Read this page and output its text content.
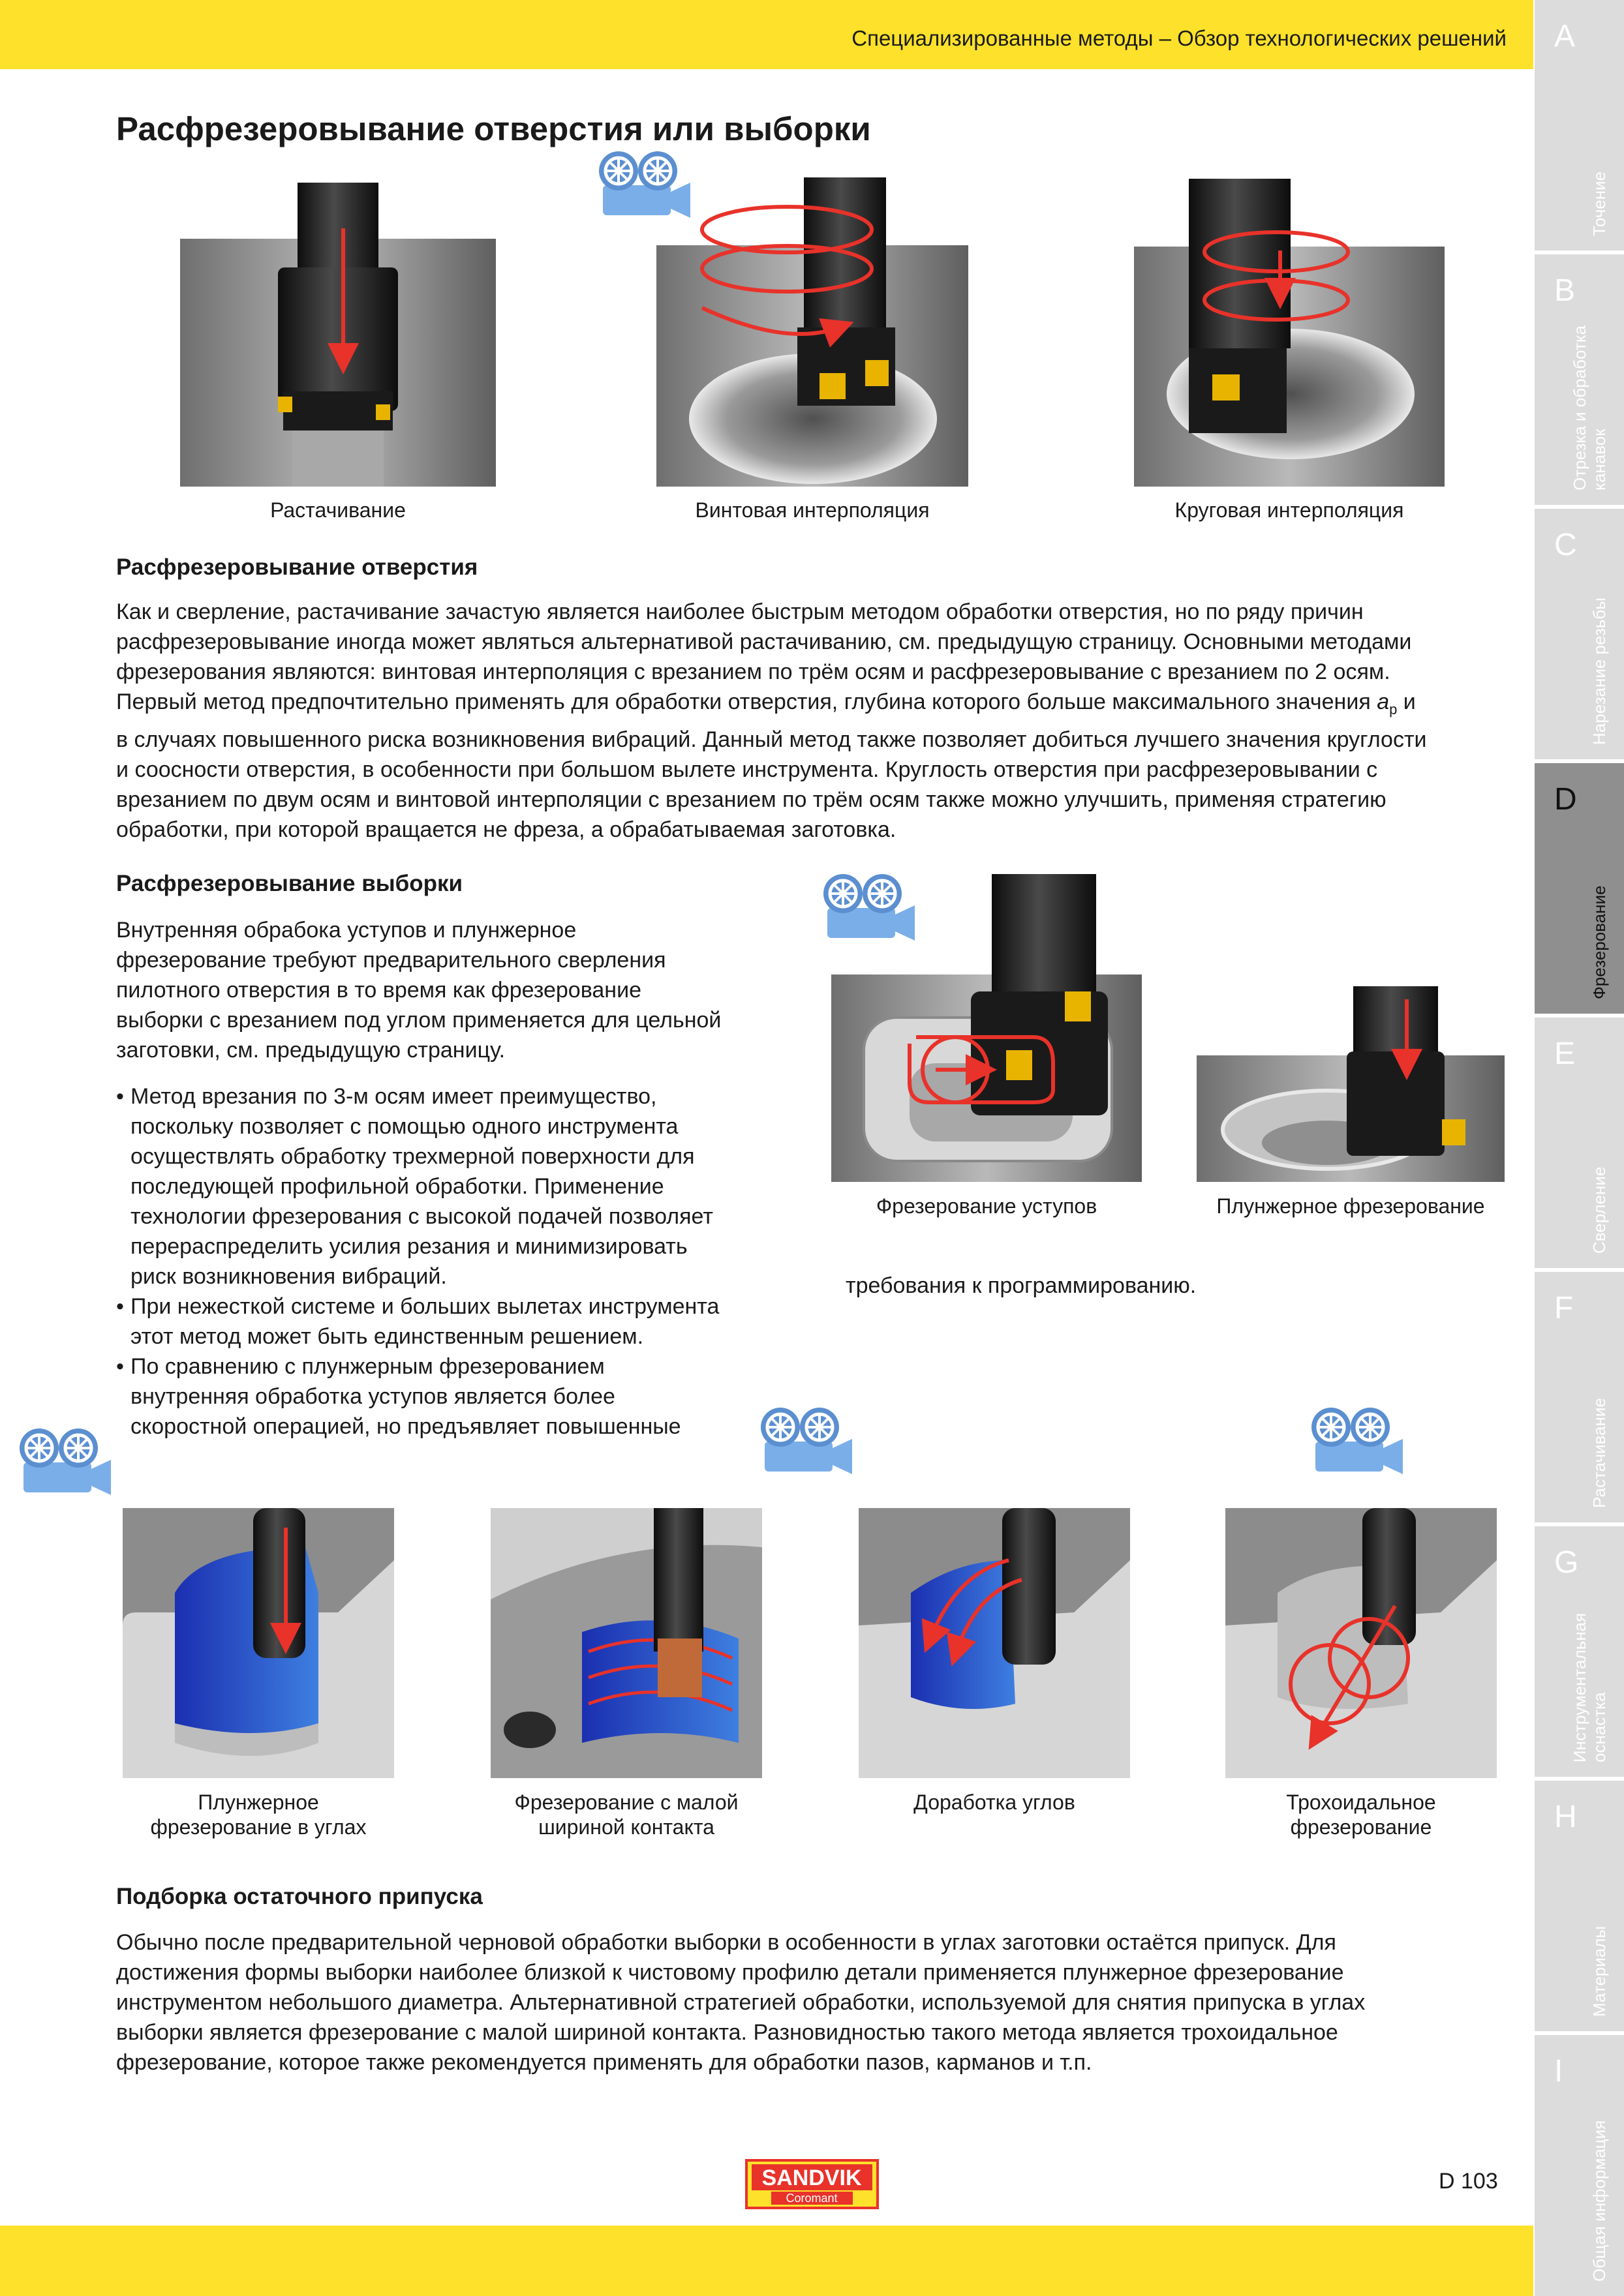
Специализированные методы – Обзор технологических решений A
Точение
B
Отрезка и обработка канавок
C
Нарезание резьбы
D
Фрезерование
E
Сверление
F
Растачивание
G
Инструментальная оснастка
H
Материалы
I
Общая информация
Расфрезеровывание отверстия или выборки
Растачивание	Винтовая интерполяция	Круговая интерполяция
Расфрезеровывание отверстия
Как и сверление, растачивание зачастую является наиболее быстрым методом обработки отверстия, но по ряду причин
расфрезеровывание иногда может являться альтернативой растачиванию, см. предыдущую страницу. Основными методами
фрезерования являются: винтовая интерполяция с врезанием по трём осям и расфрезеровывание с врезанием по 2 осям.
Первый метод предпочтительно применять для обработки отверстия, глубина которого больше максимального значения $a_p$ и
в случаях повышенного риска возникновения вибраций. Данный метод также позволяет добиться лучшего значения круглости
и соосности отверстия, в особенности при большом вылете инструмента. Круглость отверстия при расфрезеровывании с
врезанием по двум осям и винтовой интерполяции с врезанием по трём осям также можно улучшить, применяя стратегию
обработки, при которой вращается не фреза, а обрабатываемая заготовка.
Расфрезеровывание выборки
Внутренняя обрабока уступов и плунжерное
фрезерование требуют предварительного сверления
пилотного отверстия в то время как фрезерование
выборки с врезанием под углом применяется для цельной
заготовки, см. предыдущую страницу.
• Метод врезания по 3-м осям имеет преимущество,
поскольку позволяет с помощью одного инструмента
осуществлять обработку трехмерной поверхности для
последующей профильной обработки. Применение
технологии фрезерования с высокой подачей позволяет
перераспределить усилия резания и минимизировать
риск возникновения вибраций.
• При нежесткой системе и больших вылетах инструмента
этот метод может быть единственным решением.
• По сравнению с плунжерным фрезерованием
внутренняя обработка уступов является более
скоростной операцией, но предъявляет повышенные
требования к программированию.
Фрезерование уступов	Плунжерное фрезерование
Плунжерное
фрезерование в углах
Фрезерование с малой
шириной контакта
Доработка углов	Трохоидальное
фрезерование
Подборка остаточного припуска
Обычно после предварительной черновой обработки выборки в особенности в углах заготовки остаётся припуск. Для
достижения формы выборки наиболее близкой к чистовому профилю детали применяется плунжерное фрезерование
инструментом небольшого диаметра. Альтернативной стратегией обработки, используемой для снятия припуска в углах
выборки является фрезерование с малой шириной контакта. Разновидностью такого метода является трохоидальное
фрезерование, которое также рекомендуется применять для обработки пазов, карманов и т.п.
SANDVIK
Coromant
D 103
